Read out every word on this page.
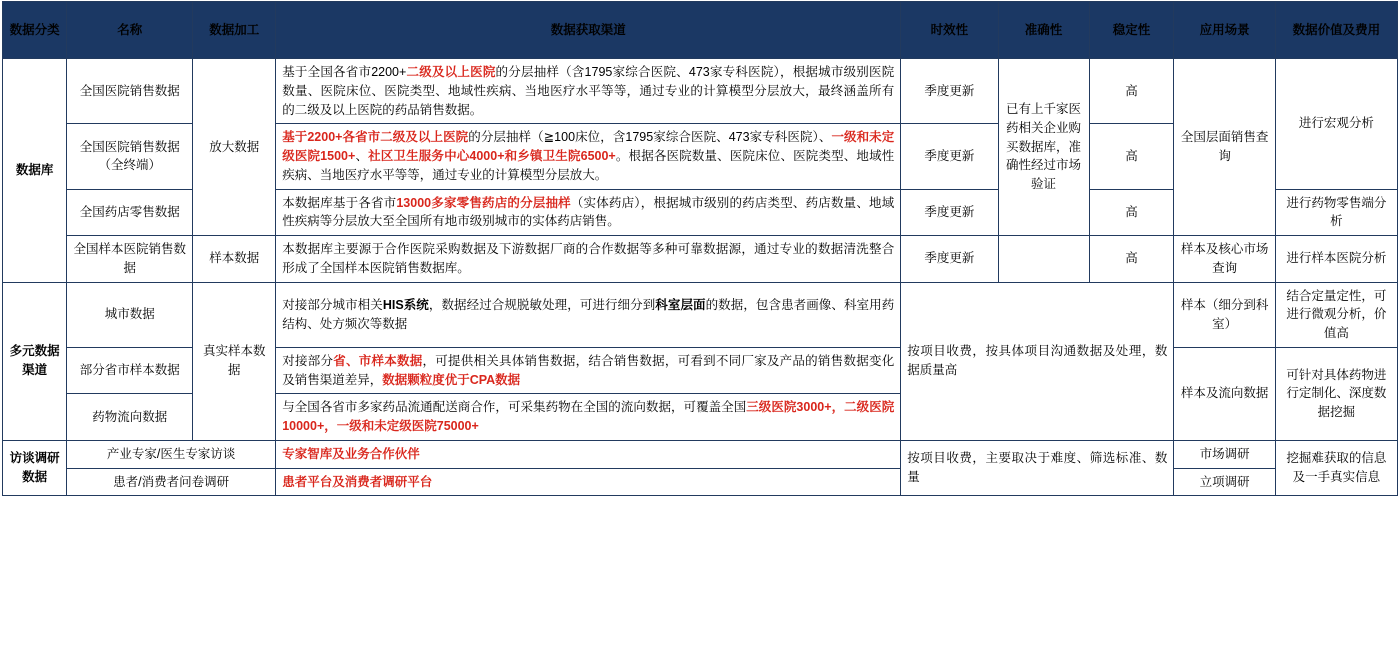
数据分类	名称	数据加工	数据获取渠道	时效性	准确性	稳定性	应用场景	数据价值及费用
数据库	全国医院销售数据	放大数据	基于全国各省市2200+二级及以上医院的分层抽样（含1795家综合医院、473家专科医院），根据城市级别医院数量、医院床位、医院类型、地域性疾病、当地医疗水平等等，通过专业的计算模型分层放大，最终涵盖所有的二级及以上医院的药品销售数据。	季度更新	已有上千家医药相关企业购买数据库，准确性经过市场验证	高	全国层面销售查询	进行宏观分析
	全国医院销售数据（全终端）		基于2200+各省市二级及以上医院的分层抽样（≧100床位，含1795家综合医院、473家专科医院）、一级和未定级医院1500+、社区卫生服务中心4000+和乡镇卫生院6500+。根据各医院数量、医院床位、医院类型、地域性疾病、当地医疗水平等等，通过专业的计算模型分层放大。	季度更新		高		
	全国药店零售数据		本数据库基于各省市13000多家零售药店的分层抽样（实体药店），根据城市级别的药店类型、药店数量、地域性疾病等分层放大至全国所有地市级别城市的实体药店销售。	季度更新		高		进行药物零售端分析
	全国样本医院销售数据	样本数据	本数据库主要源于合作医院采购数据及下游数据厂商的合作数据等多种可靠数据源，通过专业的数据清洗整合形成了全国样本医院销售数据库。	季度更新		高	样本及核心市场查询	进行样本医院分析
多元数据渠道	城市数据	真实样本数据	对接部分城市相关HIS系统，数据经过合规脱敏处理，可进行细分到科室层面的数据，包含患者画像、科室用药结构、处方频次等数据	按项目收费，按具体项目沟通数据及处理，数据质量高			样本（细分到科室）	结合定量定性，可进行微观分析，价值高
	部分省市样本数据		对接部分省、市样本数据，可提供相关具体销售数据，结合销售数据，可看到不同厂家及产品的销售数据变化及销售渠道差异，数据颗粒度优于CPA数据				样本及流向数据	可针对具体药物进行定制化、深度数据挖掘
	药物流向数据		与全国各省市多家药品流通配送商合作，可采集药物在全国的流向数据，可覆盖全国三级医院3000+，二级医院10000+，一级和未定级医院75000+					
访谈调研数据	产业专家/医生专家访谈		专家智库及业务合作伙伴	按项目收费，主要取决于难度、筛选标准、数量			市场调研	挖掘难获取的信息及一手真实信息
	患者/消费者问卷调研		患者平台及消费者调研平台				立项调研	
